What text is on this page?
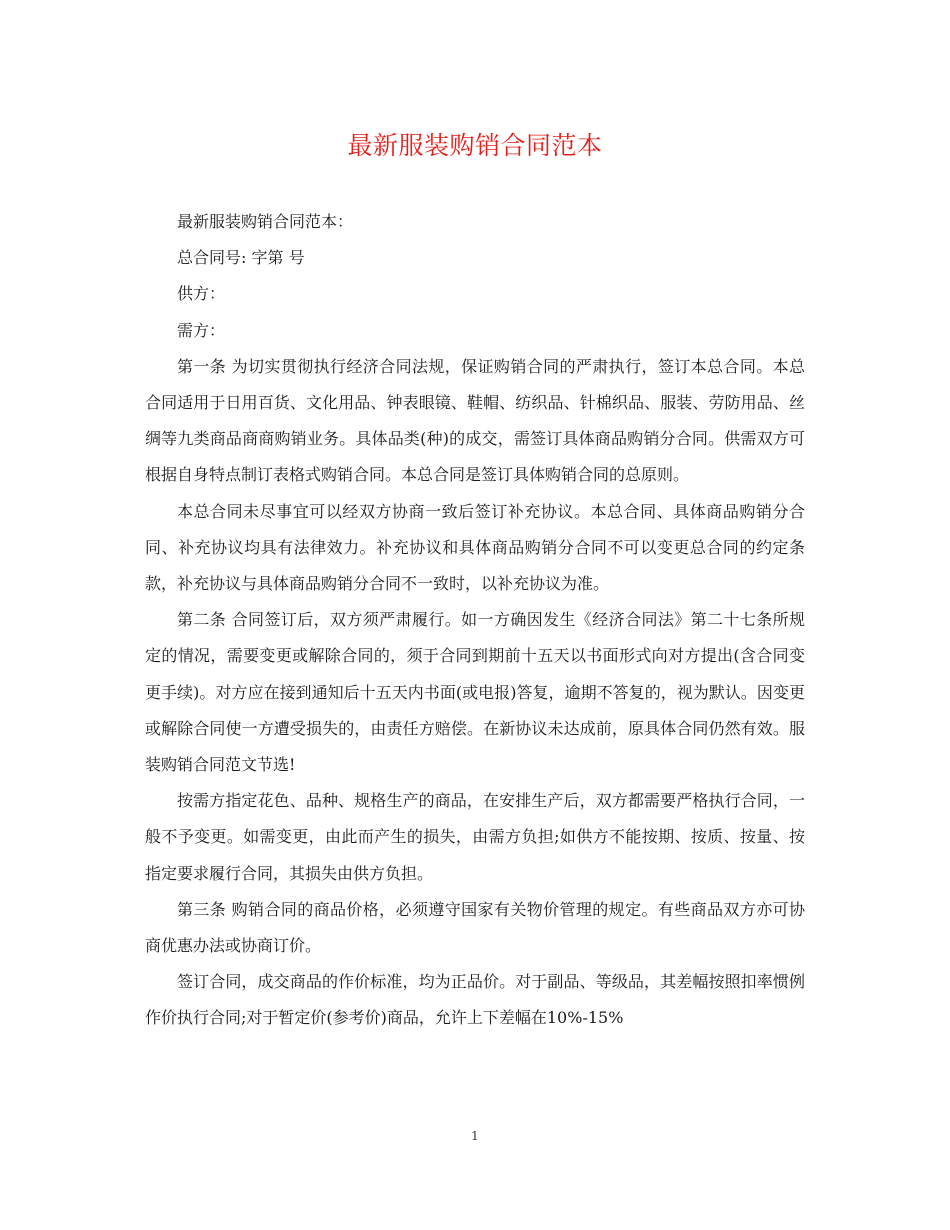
最新服装购销合同范本

最新服装购销合同范本：

总合同号: 字第 号

供方：

需方：

第一条 为切实贯彻执行经济合同法规，保证购销合同的严肃执行，签订本总合同。本总合同适用于日用百货、文化用品、钟表眼镜、鞋帽、纺织品、针棉织品、服装、劳防用品、丝绸等九类商品商商购销业务。具体品类(种)的成交，需签订具体商品购销分合同。供需双方可根据自身特点制订表格式购销合同。本总合同是签订具体购销合同的总原则。

本总合同未尽事宜可以经双方协商一致后签订补充协议。本总合同、具体商品购销分合同、补充协议均具有法律效力。补充协议和具体商品购销分合同不可以变更总合同的约定条款，补充协议与具体商品购销分合同不一致时，以补充协议为准。

第二条 合同签订后，双方须严肃履行。如一方确因发生《经济合同法》第二十七条所规定的情况，需要变更或解除合同的，须于合同到期前十五天以书面形式向对方提出(含合同变更手续)。对方应在接到通知后十五天内书面(或电报)答复，逾期不答复的，视为默认。因变更或解除合同使一方遭受损失的，由责任方赔偿。在新协议未达成前，原具体合同仍然有效。服装购销合同范文节选!

按需方指定花色、品种、规格生产的商品，在安排生产后，双方都需要严格执行合同，一般不予变更。如需变更，由此而产生的损失，由需方负担;如供方不能按期、按质、按量、按指定要求履行合同，其损失由供方负担。

第三条 购销合同的商品价格，必须遵守国家有关物价管理的规定。有些商品双方亦可协商优惠办法或协商订价。

签订合同，成交商品的作价标准，均为正品价。对于副品、等级品，其差幅按照扣率惯例作价执行合同;对于暂定价(参考价)商品，允许上下差幅在10%-15%

1
